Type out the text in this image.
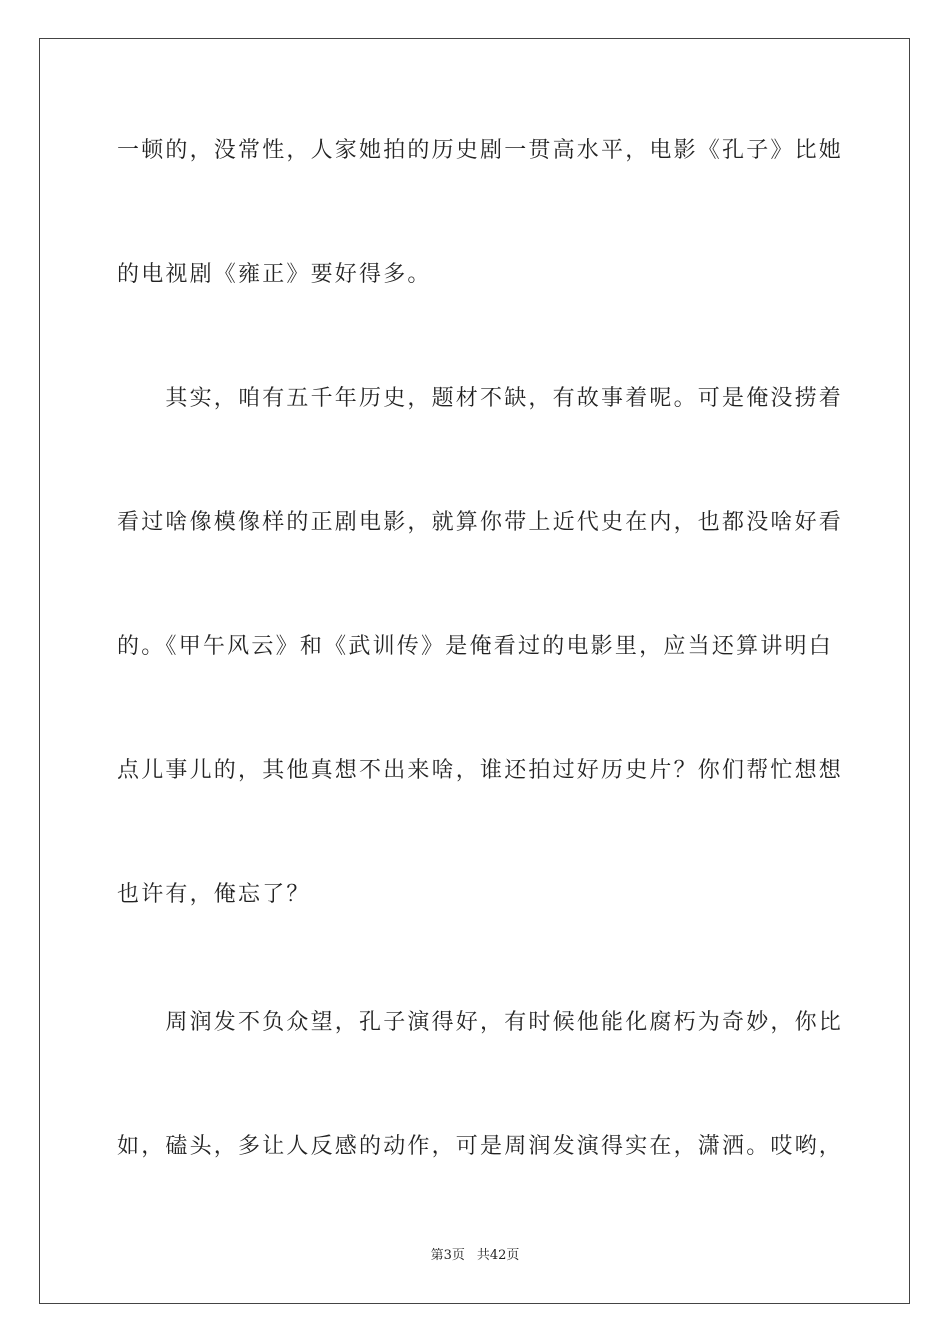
一顿的，没常性，人家她拍的历史剧一贯高水平，电影《孔子》比她
的电视剧《雍正》要好得多。
　　其实，咱有五千年历史，题材不缺，有故事着呢。可是俺没捞着
看过啥像模像样的正剧电影，就算你带上近代史在内，也都没啥好看
的。《甲午风云》和《武训传》是俺看过的电影里，应当还算讲明白
点儿事儿的，其他真想不出来啥，谁还拍过好历史片？你们帮忙想想
也许有，俺忘了？
　　周润发不负众望，孔子演得好，有时候他能化腐朽为奇妙，你比
如，磕头，多让人反感的动作，可是周润发演得实在，潇洒。哎哟，
第3页 共42页
